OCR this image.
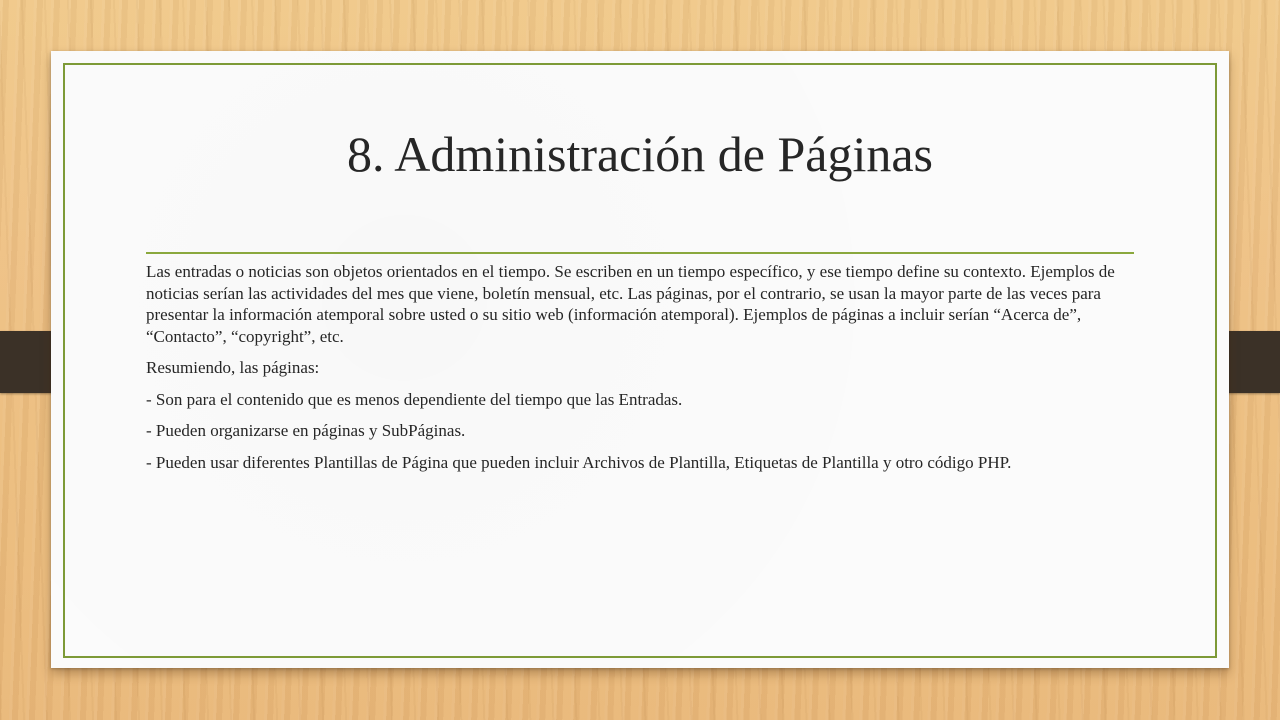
8. Administración de Páginas

Las entradas o noticias son objetos orientados en el tiempo. Se escriben en un tiempo específico, y ese tiempo define su contexto. Ejemplos de noticias serían las actividades del mes que viene, boletín mensual, etc. Las páginas, por el contrario, se usan la mayor parte de las veces para presentar la información atemporal sobre usted o su sitio web (información atemporal). Ejemplos de páginas a incluir serían “Acerca de”, “Contacto”, “copyright”, etc.

Resumiendo, las páginas:

- Son para el contenido que es menos dependiente del tiempo que las Entradas.

- Pueden organizarse en páginas y SubPáginas.

- Pueden usar diferentes Plantillas de Página que pueden incluir Archivos de Plantilla, Etiquetas de Plantilla y otro código PHP.
